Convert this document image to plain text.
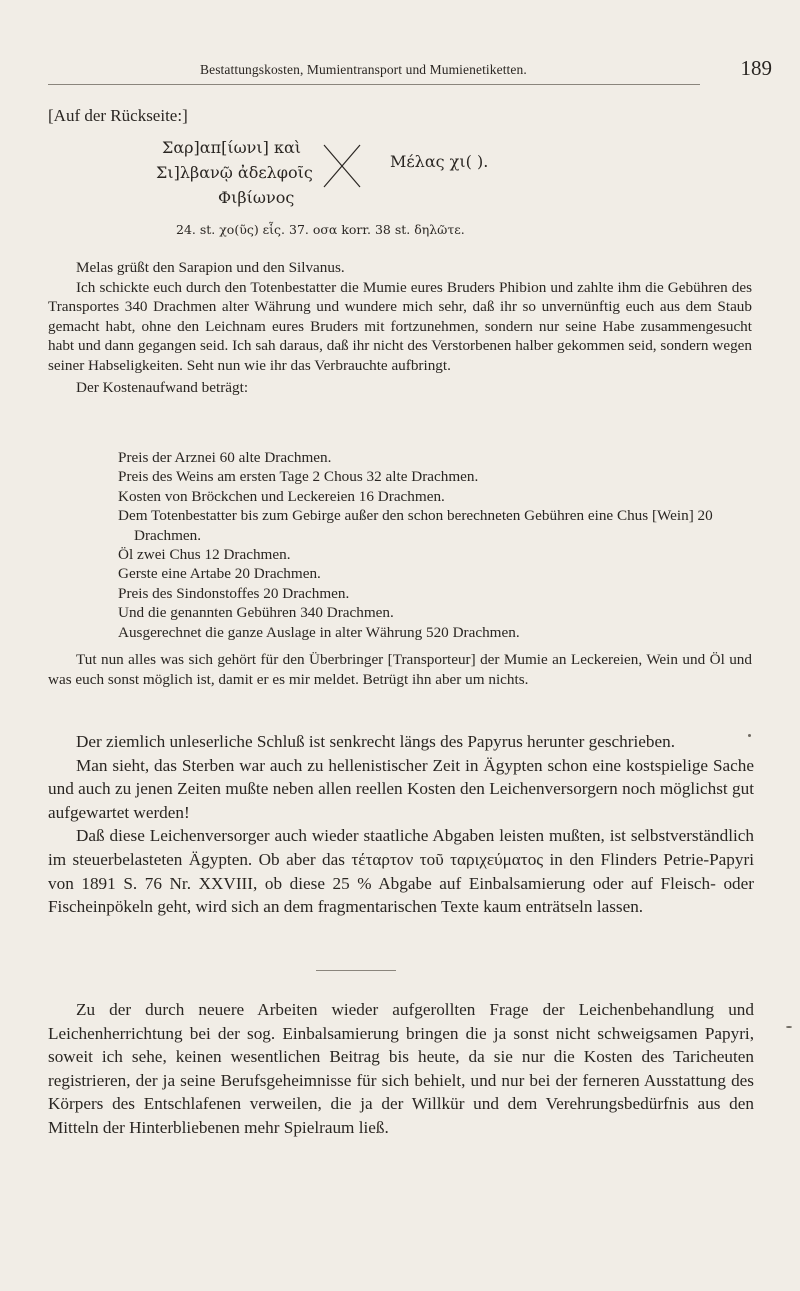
Bestattungskosten, Mumientransport und Mumienetiketten.	189
[Auf der Rückseite:]
Σαρ]απ[ίωνι] καὶ
Σι]λβανῷ ἀδελφοῖς
Φιβίωνος
Μέλας χι( ).
24. st. χο(ῦς) εἷς. 37. οσα korr. 38 st. δηλῶτε.

Melas grüßt den Sarapion und den Silvanus.

Ich schickte euch durch den Totenbestatter die Mumie eures Bruders Phibion und zahlte ihm die Gebühren des Transportes 340 Drachmen alter Währung und wundere mich sehr, daß ihr so unvernünftig euch aus dem Staub gemacht habt, ohne den Leichnam eures Bruders mit fortzunehmen, sondern nur seine Habe zusammengesucht habt und dann gegangen seid. Ich sah daraus, daß ihr nicht des Verstorbenen halber gekommen seid, sondern wegen seiner Habseligkeiten. Seht nun wie ihr das Verbrauchte aufbringt.

Der Kostenaufwand beträgt:

Preis der Arznei 60 alte Drachmen.
Preis des Weins am ersten Tage 2 Chous 32 alte Drachmen.
Kosten von Bröckchen und Leckereien 16 Drachmen.
Dem Totenbestatter bis zum Gebirge außer den schon berechneten Gebühren eine Chus [Wein] 20 Drachmen.
Öl zwei Chus 12 Drachmen.
Gerste eine Artabe 20 Drachmen.
Preis des Sindonstoffes 20 Drachmen.
Und die genannten Gebühren 340 Drachmen.
Ausgerechnet die ganze Auslage in alter Währung 520 Drachmen.

Tut nun alles was sich gehört für den Überbringer [Transporteur] der Mumie an Leckereien, Wein und Öl und was euch sonst möglich ist, damit er es mir meldet. Betrügt ihn aber um nichts.

Der ziemlich unleserliche Schluß ist senkrecht längs des Papyrus herunter geschrieben.

Man sieht, das Sterben war auch zu hellenistischer Zeit in Ägypten schon eine kostspielige Sache und auch zu jenen Zeiten mußte neben allen reellen Kosten den Leichenversorgern noch möglichst gut aufgewartet werden!

Daß diese Leichenversorger auch wieder staatliche Abgaben leisten mußten, ist selbstverständlich im steuerbelasteten Ägypten. Ob aber das τέταρτον τοῦ ταριχεύματος in den Flinders Petrie-Papyri von 1891 S. 76 Nr. XXVIII, ob diese 25 % Abgabe auf Einbalsamierung oder auf Fleisch- oder Fischeinpökeln geht, wird sich an dem fragmentarischen Texte kaum enträtseln lassen.

Zu der durch neuere Arbeiten wieder aufgerollten Frage der Leichenbehandlung und Leichenherrichtung bei der sog. Einbalsamierung bringen die ja sonst nicht schweigsamen Papyri, soweit ich sehe, keinen wesentlichen Beitrag bis heute, da sie nur die Kosten des Taricheuten registrieren, der ja seine Berufsgeheimnisse für sich behielt, und nur bei der ferneren Ausstattung des Körpers des Entschlafenen verweilen, die ja der Willkür und dem Verehrungsbedürfnis aus den Mitteln der Hinterbliebenen mehr Spielraum ließ.
